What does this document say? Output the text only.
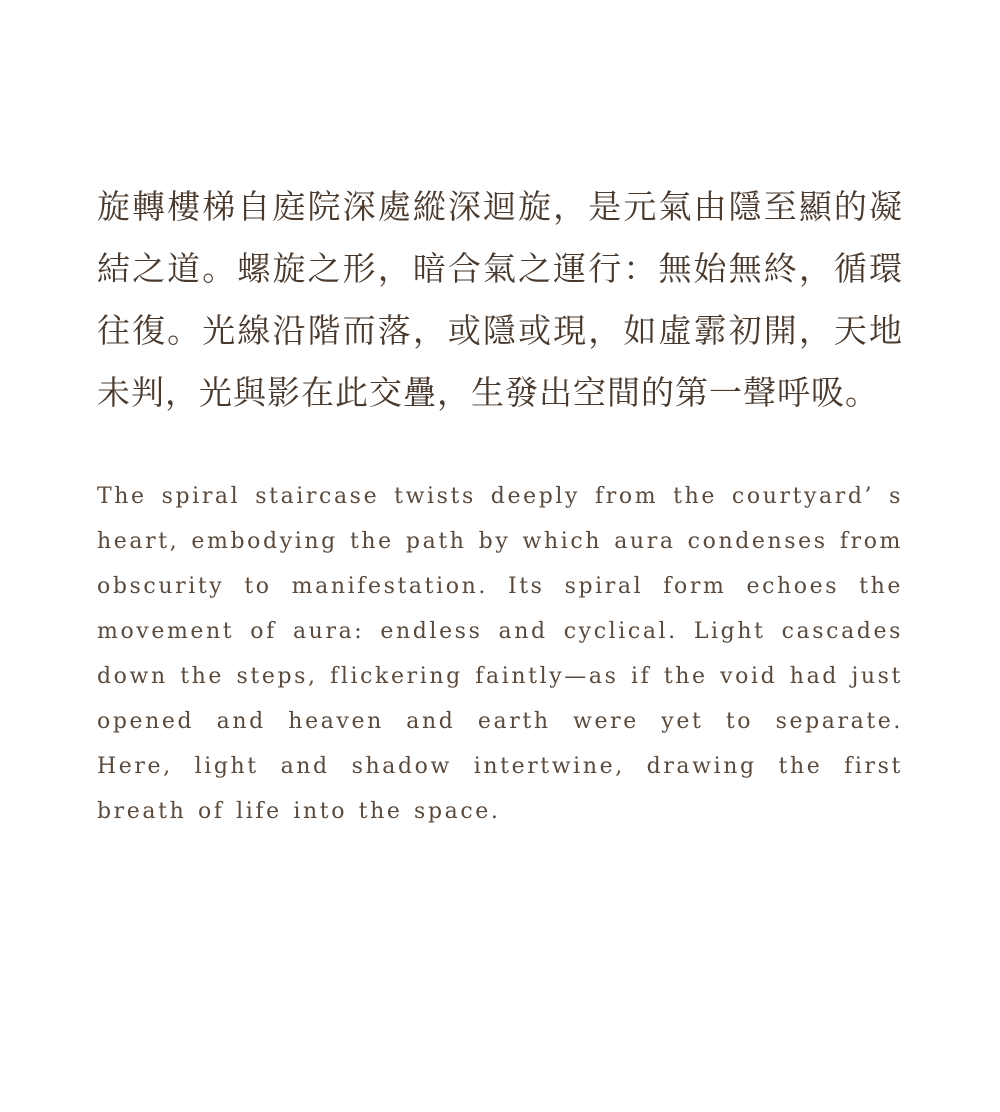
旋轉樓梯自庭院深處縱深迴旋，是元氣由隱至顯的凝結之道。螺旋之形，暗合氣之運行：無始無終，循環往復。光線沿階而落，或隱或現，如虛霩初開，天地未判，光與影在此交疊，生發出空間的第一聲呼吸。

The spiral staircase twists deeply from the courtyard’ s heart, embodying the path by which aura condenses from obscurity to manifestation. Its spiral form echoes the movement of aura: endless and cyclical. Light cascades down the steps, flickering faintly—as if the void had just opened and heaven and earth were yet to separate. Here, light and shadow intertwine, drawing the first breath of life into the space.
